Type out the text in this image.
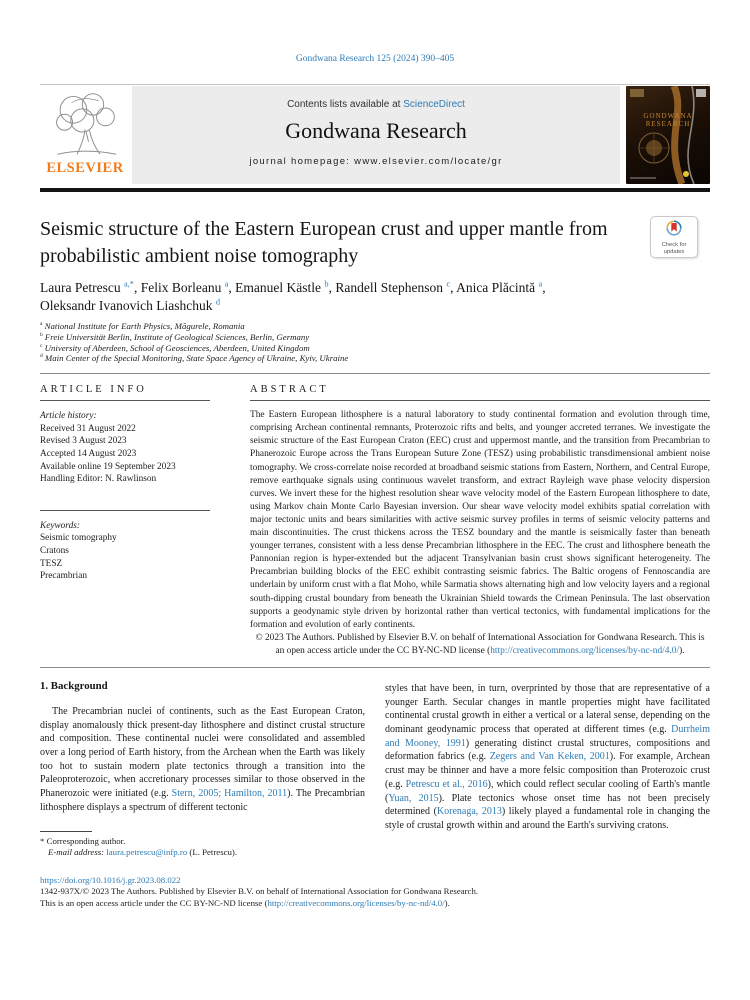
Gondwana Research 125 (2024) 390–405
ELSEVIER
Contents lists available at ScienceDirect
Gondwana Research
journal homepage: www.elsevier.com/locate/gr
GONDWANA
RESEARCH
Seismic structure of the Eastern European crust and upper mantle from probabilistic ambient noise tomography	Check for
updates
Laura Petrescu $^{a,*}$, Felix Borleanu $^a$, Emanuel Kästle $^b$, Randell Stephenson $^c$, Anica Plăcintă $^a$,
Oleksandr Ivanovich Liashchuk $^d$
$^a$ National Institute for Earth Physics, Măgurele, Romania
$^b$ Freie Universität Berlin, Institute of Geological Sciences, Berlin, Germany
$^c$ University of Aberdeen, School of Geosciences, Aberdeen, United Kingdom
$^d$ Main Center of the Special Monitoring, State Space Agency of Ukraine, Kyiv, Ukraine
ARTICLE INFO
Article history:
Received 31 August 2022
Revised 3 August 2023
Accepted 14 August 2023
Available online 19 September 2023
Handling Editor: N. Rawlinson
Keywords:
Seismic tomography
Cratons
TESZ
Precambrian
ABSTRACT
The Eastern European lithosphere is a natural laboratory to study continental formation and evolution through time, comprising Archean continental remnants, Proterozoic rifts and belts, and younger accreted terranes. We investigate the seismic structure of the East European Craton (EEC) crust and uppermost mantle, and the transition from Precambrian to Phanerozoic Europe across the Trans European Suture Zone (TESZ) using probabilistic transdimensional ambient noise tomography. We cross-correlate noise recorded at broadband seismic stations from Eastern, Northern, and Central Europe, remove earthquake signals using continuous wavelet transform, and extract Rayleigh wave phase velocity dispersion curves. We invert these for the highest resolution shear wave velocity model of the Eastern European lithosphere to date, using Markov chain Monte Carlo Bayesian inversion. Our shear wave velocity model exhibits spatial correlation with major tectonic units and bears similarities with active seismic survey profiles in terms of seismic velocity patterns and main discontinuities. The crust thickens across the TESZ boundary and the mantle is seismically faster than beneath younger terranes, consistent with a less dense Precambrian lithosphere in the EEC. The crust and lithosphere beneath the Pannonian region is hyper-extended but the adjacent Transylvanian basin crust shows significant heterogeneity. The Precambrian building blocks of the EEC exhibit contrasting seismic fabrics. The Baltic orogens of Fennoscandia are underlain by uniform crust with a flat Moho, while Sarmatia shows alternating high and low velocity layers and a regional south-dipping crustal boundary from beneath the Ukrainian Shield towards the Crimean Peninsula. The last observation supports a geodynamic style driven by horizontal rather than vertical tectonics, with fundamental implications for the formation and evolution of early continents.
© 2023 The Authors. Published by Elsevier B.V. on behalf of International Association for Gondwana Research. This is an open access article under the CC BY-NC-ND license (http://creativecommons.org/licenses/by-nc-nd/4.0/).
1. Background
The Precambrian nuclei of continents, such as the East European Craton, display anomalously thick present-day lithosphere and distinct crustal structure and composition. These continental nuclei were consolidated and assembled over a long period of Earth history, from the Archean when the Earth was likely too hot to sustain modern plate tectonics through a transition into the Paleoproterozoic, when accretionary processes similar to those observed in the Phanerozoic were initiated (e.g. Stern, 2005; Hamilton, 2011). The Precambrian lithosphere displays a spectrum of different tectonic
* Corresponding author.
E-mail address: laura.petrescu@infp.ro (L. Petrescu).
styles that have been, in turn, overprinted by those that are representative of a younger Earth. Secular changes in mantle properties might have facilitated continental crustal growth in either a vertical or a lateral sense, depending on the dominant geodynamic process that operated at different times (e.g. Durrheim and Mooney, 1991) generating distinct crustal structures, compositions and deformation fabrics (e.g. Zegers and Van Keken, 2001). For example, Archean crust may be thinner and have a more felsic composition than Proterozoic crust (e.g. Petrescu et al., 2016), which could reflect secular cooling of Earth's mantle (Yuan, 2015). Plate tectonics whose onset time has not been precisely determined (Korenaga, 2013) likely played a fundamental role in changing the style of crustal growth within and around the Earth's surviving cratons.
https://doi.org/10.1016/j.gr.2023.08.022
1342-937X/© 2023 The Authors. Published by Elsevier B.V. on behalf of International Association for Gondwana Research.
This is an open access article under the CC BY-NC-ND license (http://creativecommons.org/licenses/by-nc-nd/4.0/).
